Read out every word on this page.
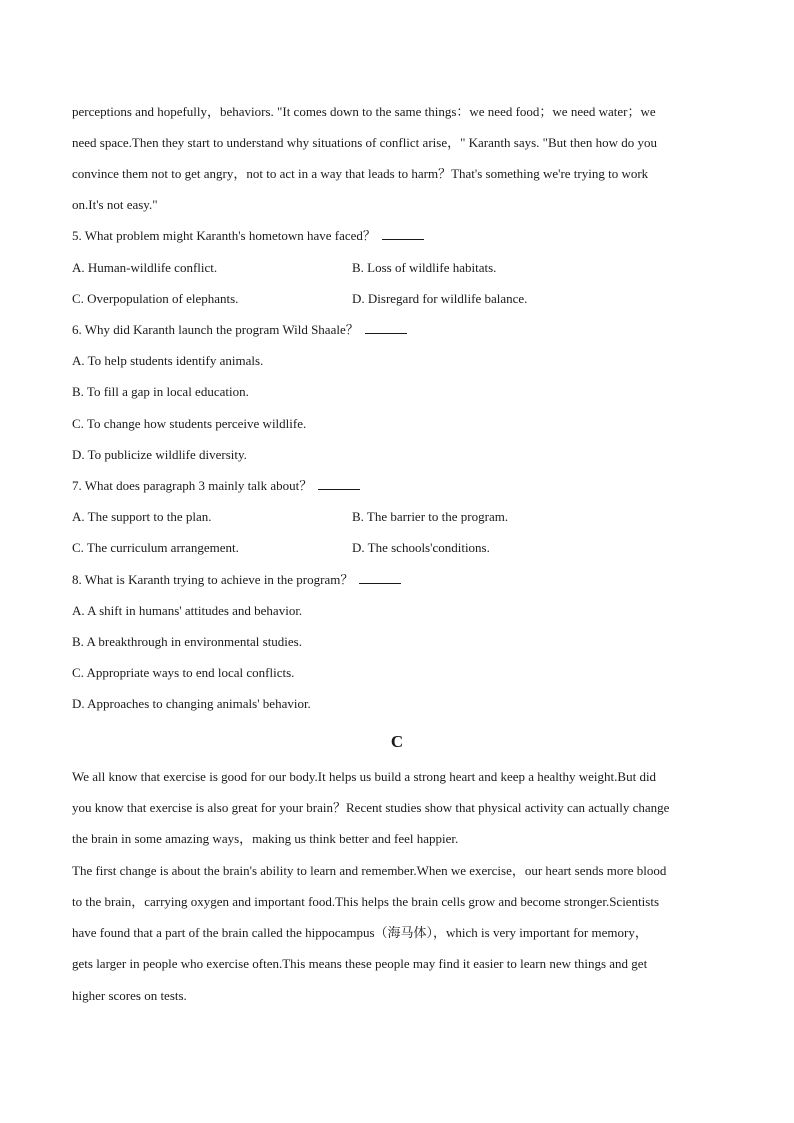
perceptions and hopefully，behaviors. "It comes down to the same things：we need food；we need water；we
need space.Then they start to understand why situations of conflict arise，" Karanth says. "But then how do you
convince them not to get angry，not to act in a way that leads to harm？That's something we're trying to work
on.It's not easy."
5. What problem might Karanth's hometown have faced？
A. Human-wildlife conflict.	B. Loss of wildlife habitats.
C. Overpopulation of elephants.	D. Disregard for wildlife balance.
6. Why did Karanth launch the program Wild Shaale？
A. To help students identify animals.
B. To fill a gap in local education.
C. To change how students perceive wildlife.
D. To publicize wildlife diversity.
7. What does paragraph 3 mainly talk about？
A. The support to the plan.	B. The barrier to the program.
C. The curriculum arrangement.	D. The schools'conditions.
8. What is Karanth trying to achieve in the program？
A. A shift in humans' attitudes and behavior.
B. A breakthrough in environmental studies.
C. Appropriate ways to end local conflicts.
D. Approaches to changing animals' behavior.
C
We all know that exercise is good for our body.It helps us build a strong heart and keep a healthy weight.But did
you know that exercise is also great for your brain？Recent studies show that physical activity can actually change
the brain in some amazing ways，making us think better and feel happier.
The first change is about the brain's ability to learn and remember.When we exercise，our heart sends more blood
to the brain，carrying oxygen and important food.This helps the brain cells grow and become stronger.Scientists
have found that a part of the brain called the hippocampus（海马体），which is very important for memory，
gets larger in people who exercise often.This means these people may find it easier to learn new things and get
higher scores on tests.
